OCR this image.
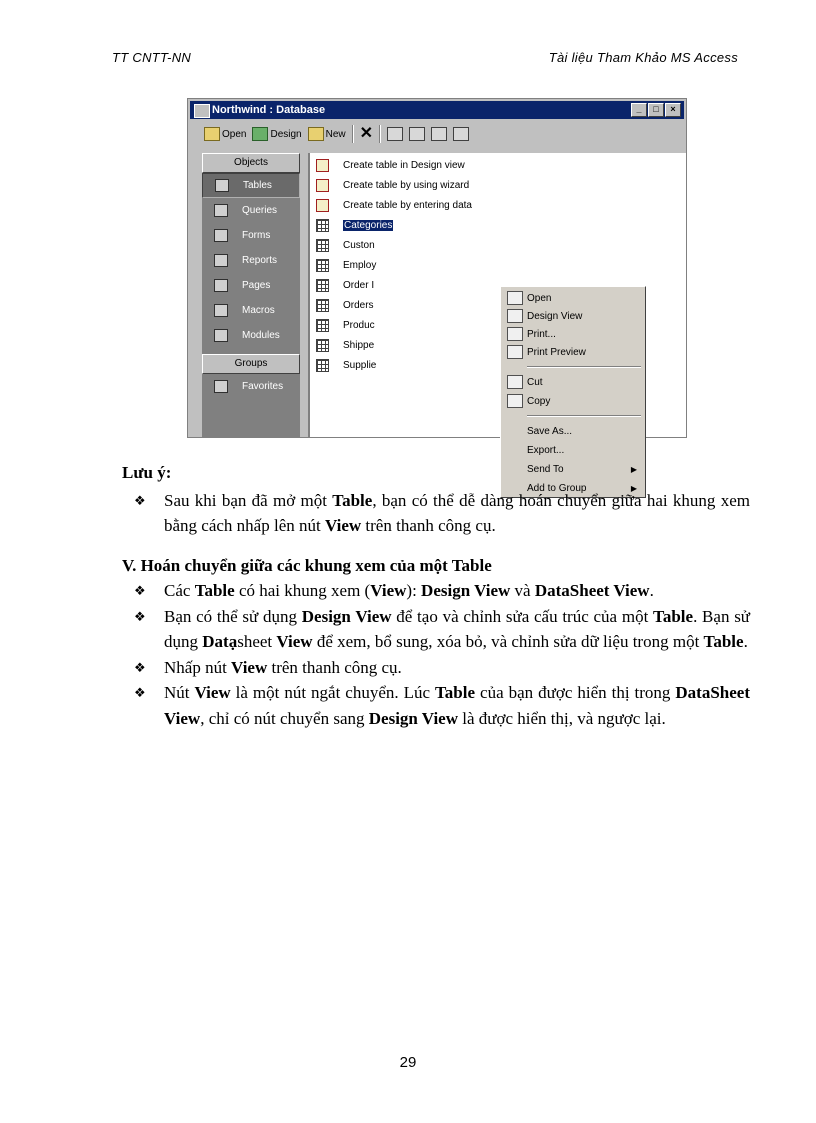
TT CNTT-NN	Tài liệu Tham Khảo MS Access
Northwind : Database	_	□	×
Open Design New ✕
Objects
Tables
Queries
Forms
Reports
Pages
Macros
Modules
Groups
Favorites
Create table in Design view
Create table by using wizard
Create table by entering data
Categories
Custon
Employ
Order I
Orders
Produc
Shippe
Supplie
Open
Design View
Print...
Print Preview
Cut
Copy
Save As...
Export...
Send To	▶
Add to Group	▶
Lưu ý:
❖ Sau khi bạn đã mở một Table, bạn có thể dễ dàng hoán chuyển giữa hai khung xem bằng cách nhấp lên nút View trên thanh công cụ.
V. Hoán chuyển giữa các khung xem của một Table
❖ Các Table có hai khung xem (View): Design View và DataSheet View.
❖ Bạn có thể sử dụng Design View để tạo và chỉnh sửa cấu trúc của một Table. Bạn sử dụng Datạsheet View để xem, bổ sung, xóa bỏ, và chỉnh sửa dữ liệu trong một Table.
❖ Nhấp nút View trên thanh công cụ.
❖ Nút View là một nút ngắt chuyển. Lúc Table của bạn được hiển thị trong DataSheet View, chỉ có nút chuyển sang Design View là được hiển thị, và ngược lại.
29
